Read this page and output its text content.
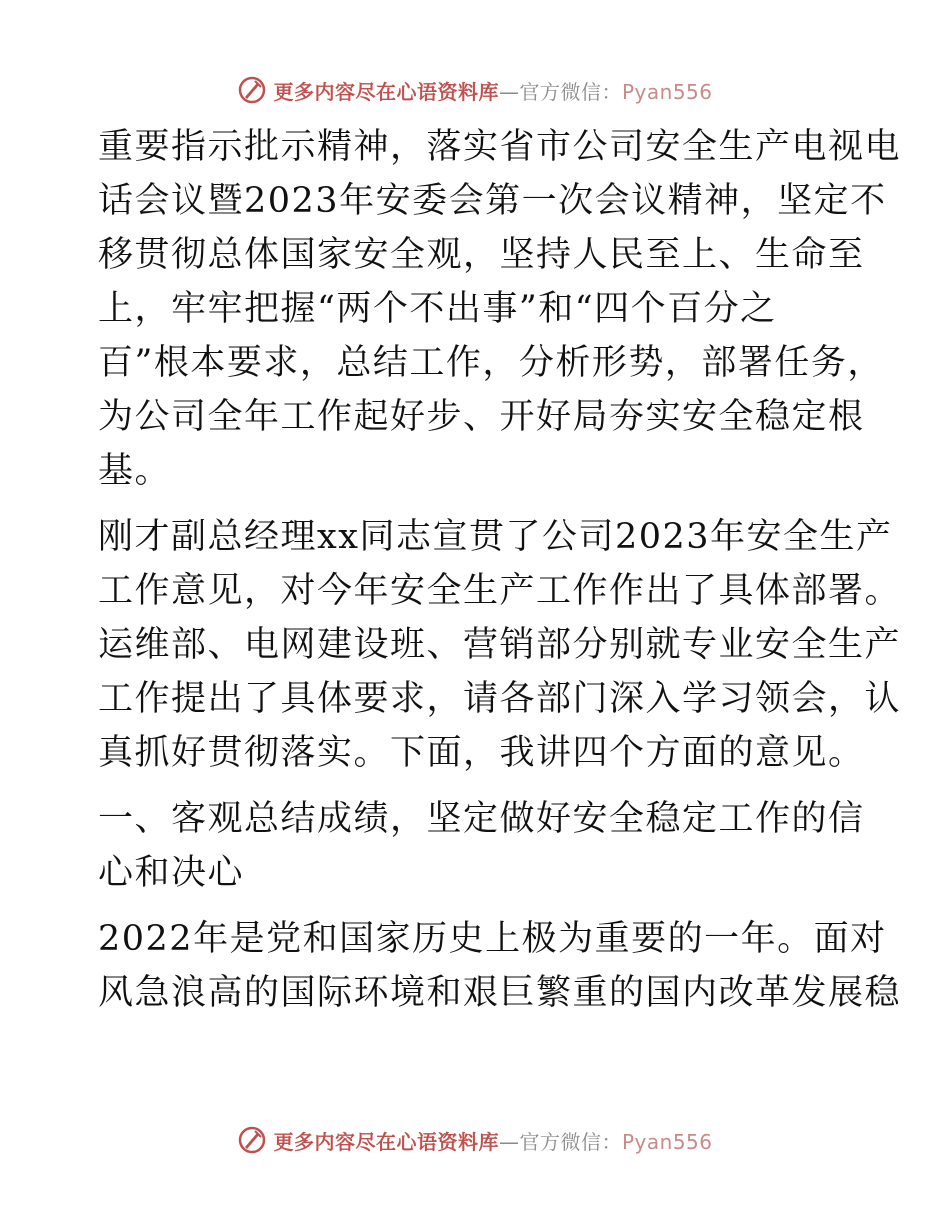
更多内容尽在心语资料库—官方微信：Pyan556
重要指示批示精神，落实省市公司安全生产电视电
话会议暨2023年安委会第一次会议精神，坚定不
移贯彻总体国家安全观，坚持人民至上、生命至
上，牢牢把握“两个不出事”和“四个百分之
百”根本要求，总结工作，分析形势，部署任务，
为公司全年工作起好步、开好局夯实安全稳定根
基。
刚才副总经理xx同志宣贯了公司2023年安全生产
工作意见，对今年安全生产工作作出了具体部署。
运维部、电网建设班、营销部分别就专业安全生产
工作提出了具体要求，请各部门深入学习领会，认
真抓好贯彻落实。下面，我讲四个方面的意见。
一、客观总结成绩，坚定做好安全稳定工作的信
心和决心
2022年是党和国家历史上极为重要的一年。面对
风急浪高的国际环境和艰巨繁重的国内改革发展稳
更多内容尽在心语资料库—官方微信：Pyan556
